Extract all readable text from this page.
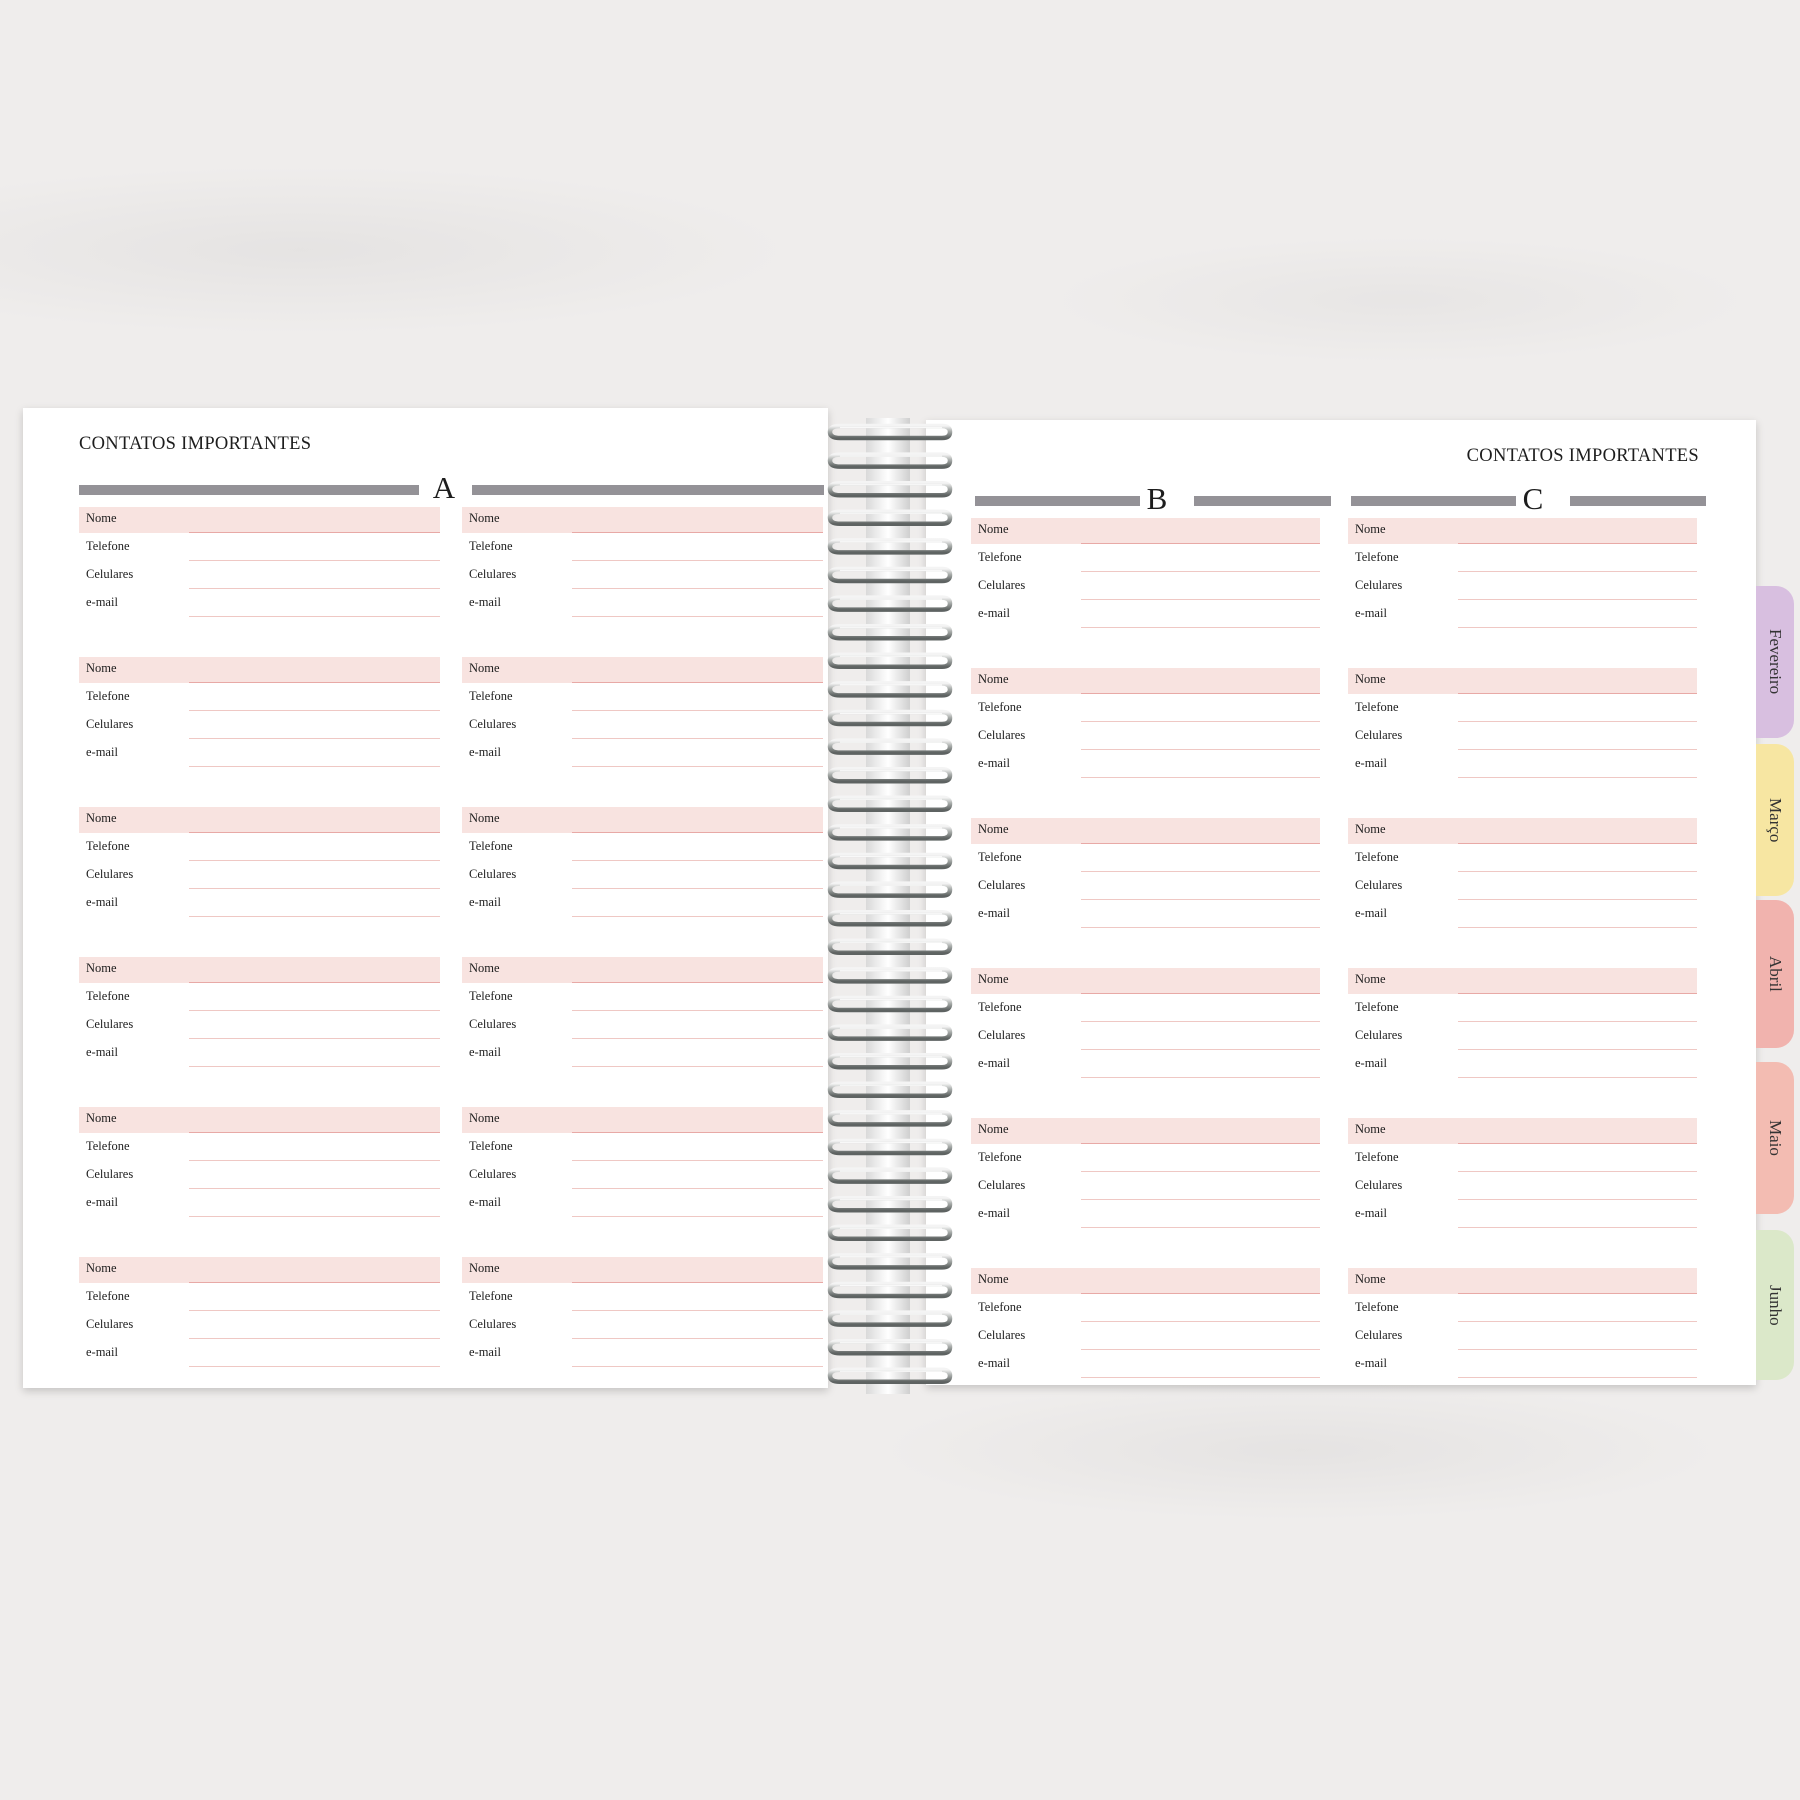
CONTATOS IMPORTANTES
A
Nome
Telefone
Celulares
e-mail
Nome
Telefone
Celulares
e-mail
Nome
Telefone
Celulares
e-mail
Nome
Telefone
Celulares
e-mail
Nome
Telefone
Celulares
e-mail
Nome
Telefone
Celulares
e-mail
Nome
Telefone
Celulares
e-mail
Nome
Telefone
Celulares
e-mail
Nome
Telefone
Celulares
e-mail
Nome
Telefone
Celulares
e-mail
Nome
Telefone
Celulares
e-mail
Nome
Telefone
Celulares
e-mail
CONTATOS IMPORTANTES
B	C
Nome
Telefone
Celulares
e-mail
Nome
Telefone
Celulares
e-mail
Nome
Telefone
Celulares
e-mail
Nome
Telefone
Celulares
e-mail
Nome
Telefone
Celulares
e-mail
Nome
Telefone
Celulares
e-mail
Nome
Telefone
Celulares
e-mail
Nome
Telefone
Celulares
e-mail
Nome
Telefone
Celulares
e-mail
Nome
Telefone
Celulares
e-mail
Nome
Telefone
Celulares
e-mail
Nome
Telefone
Celulares
e-mail
Fevereiro
Março
Abril
Maio
Junho
